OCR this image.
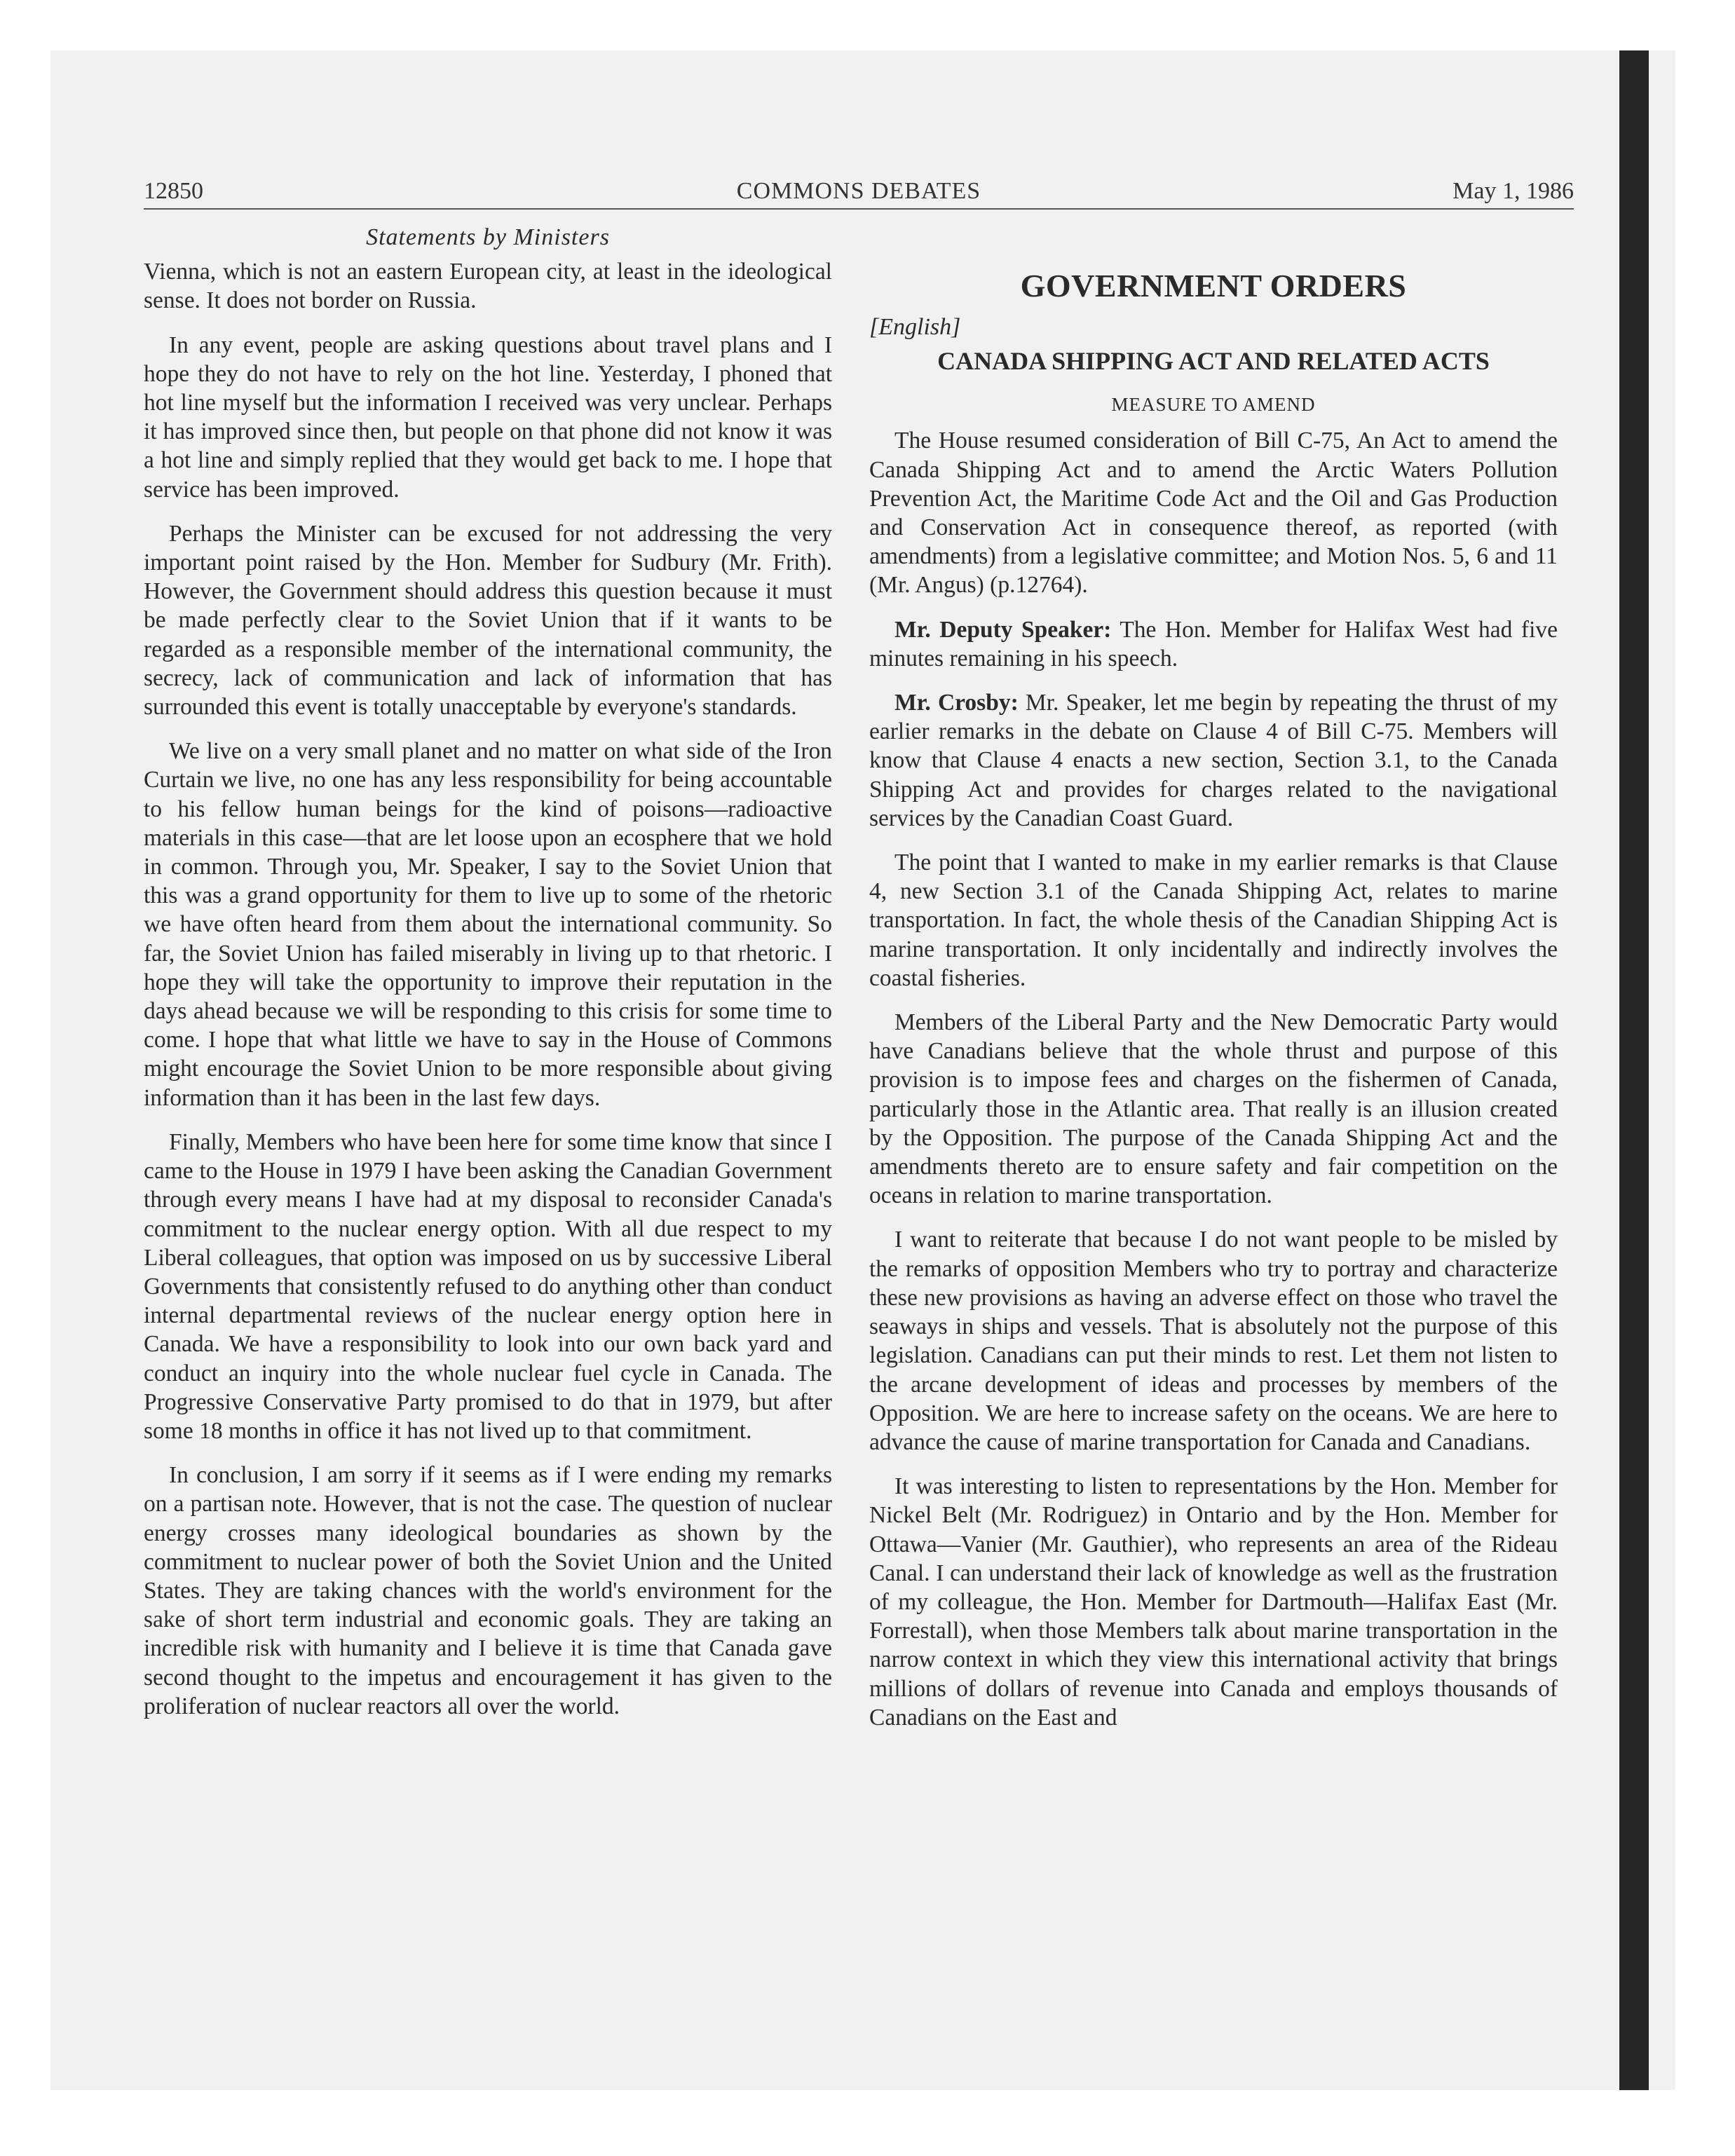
12850	COMMONS DEBATES	May 1, 1986
Statements by Ministers

Vienna, which is not an eastern European city, at least in the ideological sense. It does not border on Russia.

In any event, people are asking questions about travel plans and I hope they do not have to rely on the hot line. Yesterday, I phoned that hot line myself but the information I received was very unclear. Perhaps it has improved since then, but people on that phone did not know it was a hot line and simply replied that they would get back to me. I hope that service has been improved.

Perhaps the Minister can be excused for not addressing the very important point raised by the Hon. Member for Sudbury (Mr. Frith). However, the Government should address this question because it must be made perfectly clear to the Soviet Union that if it wants to be regarded as a responsible member of the international community, the secrecy, lack of communication and lack of information that has surrounded this event is totally unacceptable by everyone's standards.

We live on a very small planet and no matter on what side of the Iron Curtain we live, no one has any less responsibility for being accountable to his fellow human beings for the kind of poisons—radioactive materials in this case—that are let loose upon an ecosphere that we hold in common. Through you, Mr. Speaker, I say to the Soviet Union that this was a grand opportunity for them to live up to some of the rhetoric we have often heard from them about the international community. So far, the Soviet Union has failed miserably in living up to that rhetoric. I hope they will take the opportunity to improve their reputation in the days ahead because we will be responding to this crisis for some time to come. I hope that what little we have to say in the House of Commons might encourage the Soviet Union to be more responsible about giving information than it has been in the last few days.

Finally, Members who have been here for some time know that since I came to the House in 1979 I have been asking the Canadian Government through every means I have had at my disposal to reconsider Canada's commitment to the nuclear energy option. With all due respect to my Liberal colleagues, that option was imposed on us by successive Liberal Governments that consistently refused to do anything other than conduct internal departmental reviews of the nuclear energy option here in Canada. We have a responsibility to look into our own back yard and conduct an inquiry into the whole nuclear fuel cycle in Canada. The Progressive Conservative Party promised to do that in 1979, but after some 18 months in office it has not lived up to that commitment.

In conclusion, I am sorry if it seems as if I were ending my remarks on a partisan note. However, that is not the case. The question of nuclear energy crosses many ideological boundaries as shown by the commitment to nuclear power of both the Soviet Union and the United States. They are taking chances with the world's environment for the sake of short term industrial and economic goals. They are taking an incredible risk with humanity and I believe it is time that Canada gave second thought to the impetus and encouragement it has given to the proliferation of nuclear reactors all over the world.

GOVERNMENT ORDERS
[English]
CANADA SHIPPING ACT AND RELATED ACTS
MEASURE TO AMEND

The House resumed consideration of Bill C-75, An Act to amend the Canada Shipping Act and to amend the Arctic Waters Pollution Prevention Act, the Maritime Code Act and the Oil and Gas Production and Conservation Act in consequence thereof, as reported (with amendments) from a legislative committee; and Motion Nos. 5, 6 and 11 (Mr. Angus) (p.12764).

Mr. Deputy Speaker: The Hon. Member for Halifax West had five minutes remaining in his speech.

Mr. Crosby: Mr. Speaker, let me begin by repeating the thrust of my earlier remarks in the debate on Clause 4 of Bill C-75. Members will know that Clause 4 enacts a new section, Section 3.1, to the Canada Shipping Act and provides for charges related to the navigational services by the Canadian Coast Guard.

The point that I wanted to make in my earlier remarks is that Clause 4, new Section 3.1 of the Canada Shipping Act, relates to marine transportation. In fact, the whole thesis of the Canadian Shipping Act is marine transportation. It only incidentally and indirectly involves the coastal fisheries.

Members of the Liberal Party and the New Democratic Party would have Canadians believe that the whole thrust and purpose of this provision is to impose fees and charges on the fishermen of Canada, particularly those in the Atlantic area. That really is an illusion created by the Opposition. The purpose of the Canada Shipping Act and the amendments thereto are to ensure safety and fair competition on the oceans in relation to marine transportation.

I want to reiterate that because I do not want people to be misled by the remarks of opposition Members who try to portray and characterize these new provisions as having an adverse effect on those who travel the seaways in ships and vessels. That is absolutely not the purpose of this legislation. Canadians can put their minds to rest. Let them not listen to the arcane development of ideas and processes by members of the Opposition. We are here to increase safety on the oceans. We are here to advance the cause of marine transportation for Canada and Canadians.

It was interesting to listen to representations by the Hon. Member for Nickel Belt (Mr. Rodriguez) in Ontario and by the Hon. Member for Ottawa—Vanier (Mr. Gauthier), who represents an area of the Rideau Canal. I can understand their lack of knowledge as well as the frustration of my colleague, the Hon. Member for Dartmouth—Halifax East (Mr. Forrestall), when those Members talk about marine transportation in the narrow context in which they view this international activity that brings millions of dollars of revenue into Canada and employs thousands of Canadians on the East and
